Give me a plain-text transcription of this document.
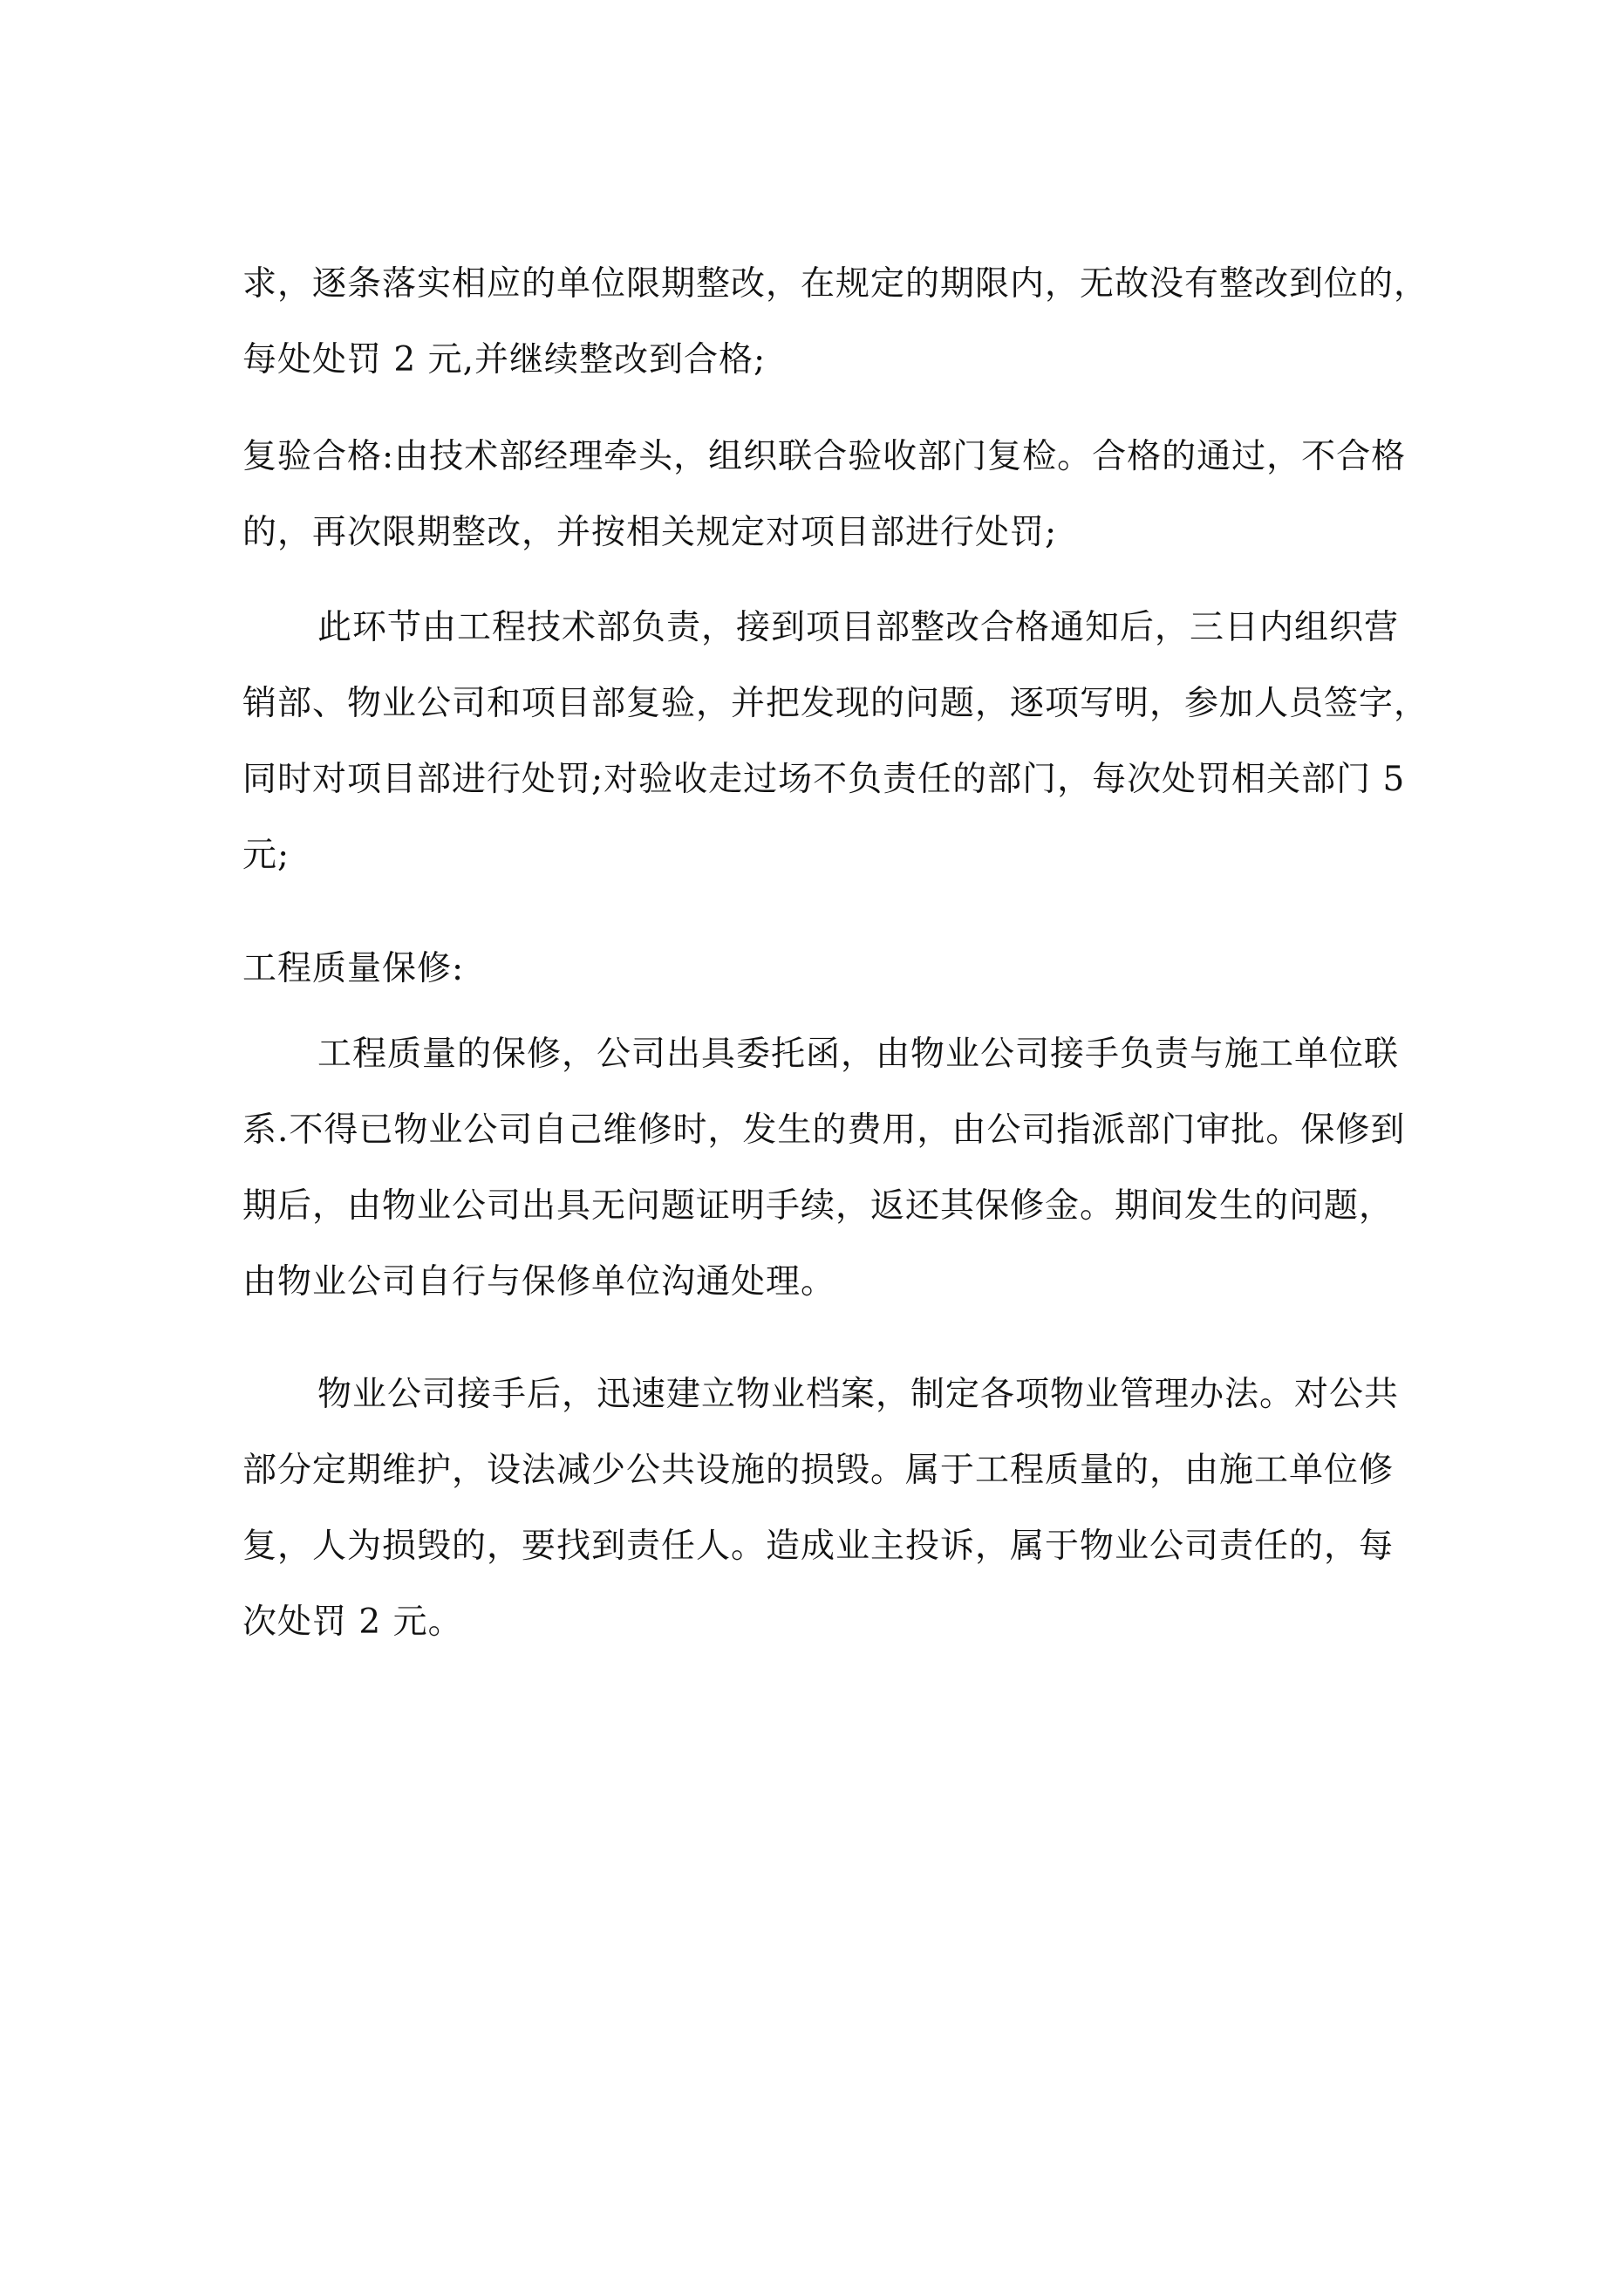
求，逐条落实相应的单位限期整改，在规定的期限内，无故没有整改到位的，
每处处罚 2 元,并继续整改到合格;
复验合格:由技术部经理牵头，组织联合验收部门复检。合格的通过，不合格
的，再次限期整改，并按相关规定对项目部进行处罚;
此环节由工程技术部负责，接到项目部整改合格通知后，三日内组织营
销部、物业公司和项目部复验，并把发现的问题，逐项写明，参加人员签字，
同时对项目部进行处罚;对验收走过场不负责任的部门，每次处罚相关部门 5
元;
工程质量保修:
工程质量的保修，公司出具委托函，由物业公司接手负责与施工单位联
系.不得已物业公司自己维修时，发生的费用，由公司指派部门审批。保修到
期后，由物业公司出具无问题证明手续，返还其保修金。期间发生的问题，
由物业公司自行与保修单位沟通处理。
物业公司接手后，迅速建立物业档案，制定各项物业管理办法。对公共
部分定期维护，设法减少公共设施的损毁。属于工程质量的，由施工单位修
复，人为损毁的，要找到责任人。造成业主投诉，属于物业公司责任的，每
次处罚 2 元。
